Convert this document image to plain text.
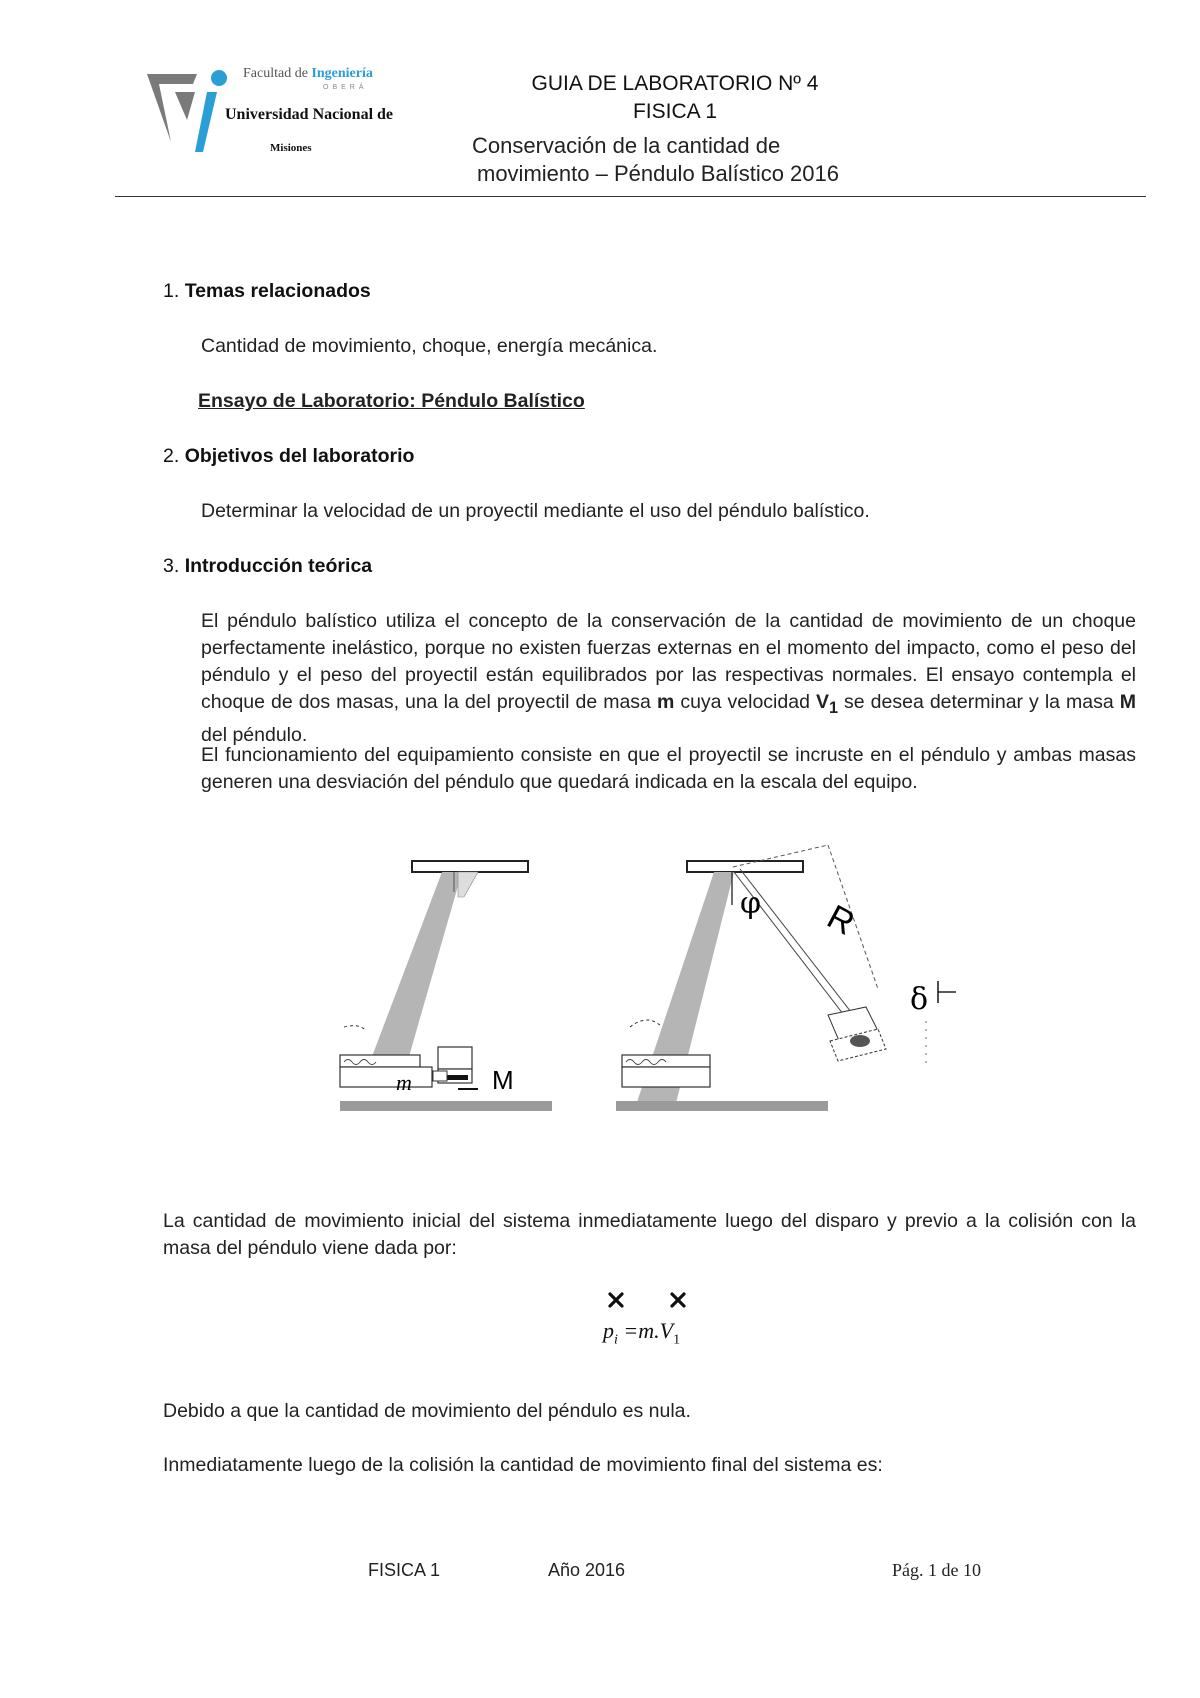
Facultad de Ingeniería
OBERÁ
Universidad Nacional de
Misiones
GUIA DE LABORATORIO Nº 4
FISICA 1
Conservación de la cantidad de
movimiento – Péndulo Balístico 2016
1. Temas relacionados
Cantidad de movimiento, choque, energía mecánica.
Ensayo de Laboratorio: Péndulo Balístico
2. Objetivos del laboratorio
Determinar la velocidad de un proyectil mediante el uso del péndulo balístico.
3. Introducción teórica
El péndulo balístico utiliza el concepto de la conservación de la cantidad de movimiento de un choque perfectamente inelástico, porque no existen fuerzas externas en el momento del impacto, como el peso del péndulo y el peso del proyectil están equilibrados por las respectivas normales. El ensayo contempla el choque de dos masas, una la del proyectil de masa m cuya velocidad $V_1$ se desea determinar y la masa M del péndulo.
El funcionamiento del equipamiento consiste en que el proyectil se incruste en el péndulo y ambas masas generen una desviación del péndulo que quedará indicada en la escala del equipo.
m	M
φ R
δ
La cantidad de movimiento inicial del sistema inmediatamente luego del disparo y previo a la colisión con la masa del péndulo viene dada por:
$p_i =m.V_1$
Debido a que la cantidad de movimiento del péndulo es nula.
Inmediatamente luego de la colisión la cantidad de movimiento final del sistema es:
FISICA 1	Año 2016	Pág. 1 de 10
